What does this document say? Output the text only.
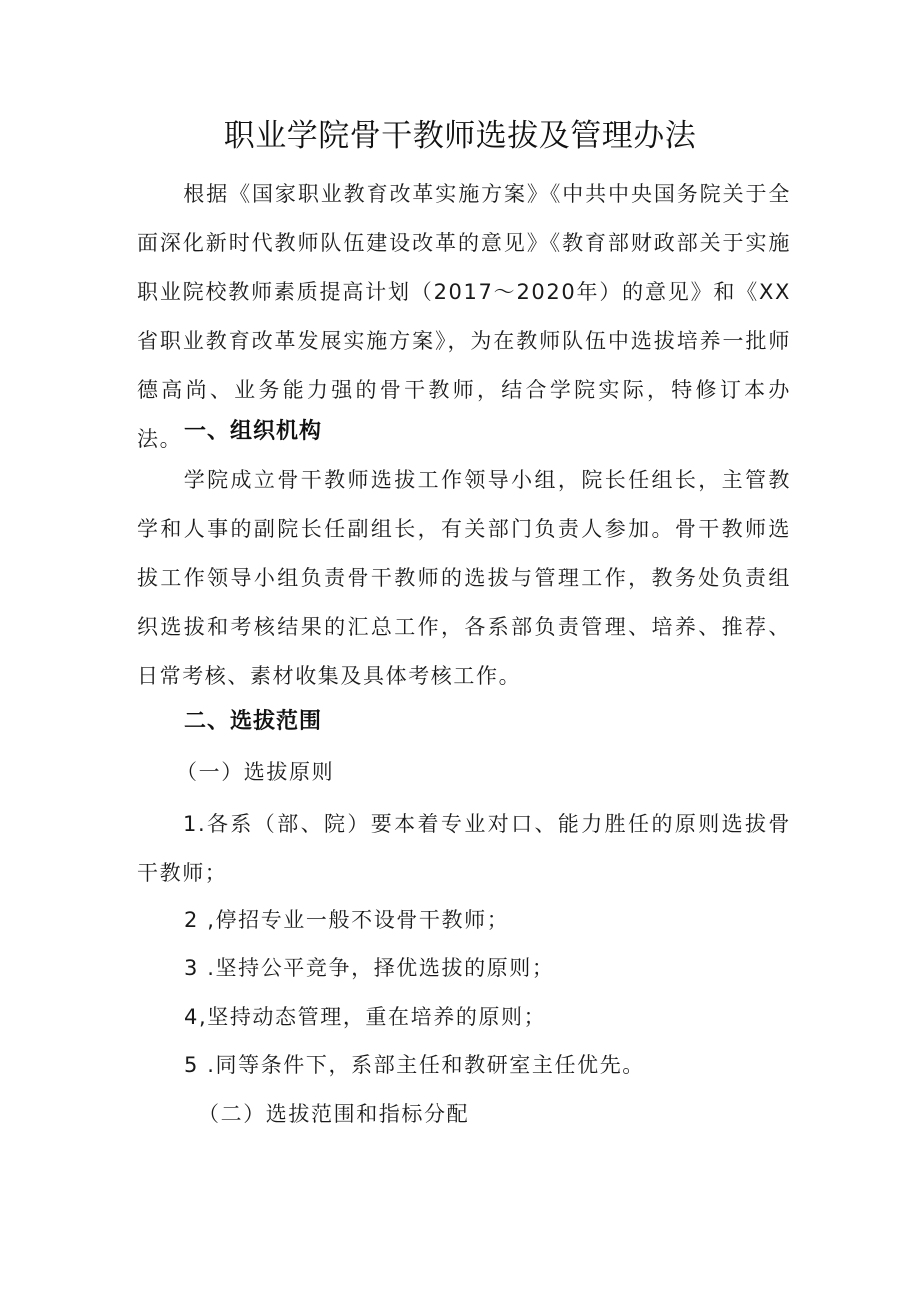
职业学院骨干教师选拔及管理办法
根据《国家职业教育改革实施方案》《中共中央国务院关于全面深化新时代教师队伍建设改革的意见》《教育部财政部关于实施职业院校教师素质提高计划（2017〜2020年）的意见》和《XX省职业教育改革发展实施方案》，为在教师队伍中选拔培养一批师德高尚、业务能力强的骨干教师，结合学院实际，特修订本办法。 一、组织机构
学院成立骨干教师选拔工作领导小组，院长任组长，主管教学和人事的副院长任副组长，有关部门负责人参加。骨干教师选拔工作领导小组负责骨干教师的选拔与管理工作，教务处负责组织选拔和考核结果的汇总工作，各系部负责管理、培养、推荐、日常考核、素材收集及具体考核工作。
二、选拔范围
（一）选拔原则
1.各系（部、院）要本着专业对口、能力胜任的原则选拔骨干教师；
2 ,停招专业一般不设骨干教师；
3 .坚持公平竞争，择优选拔的原则；
4,坚持动态管理，重在培养的原则；
5 .同等条件下，系部主任和教研室主任优先。
（二）选拔范围和指标分配
